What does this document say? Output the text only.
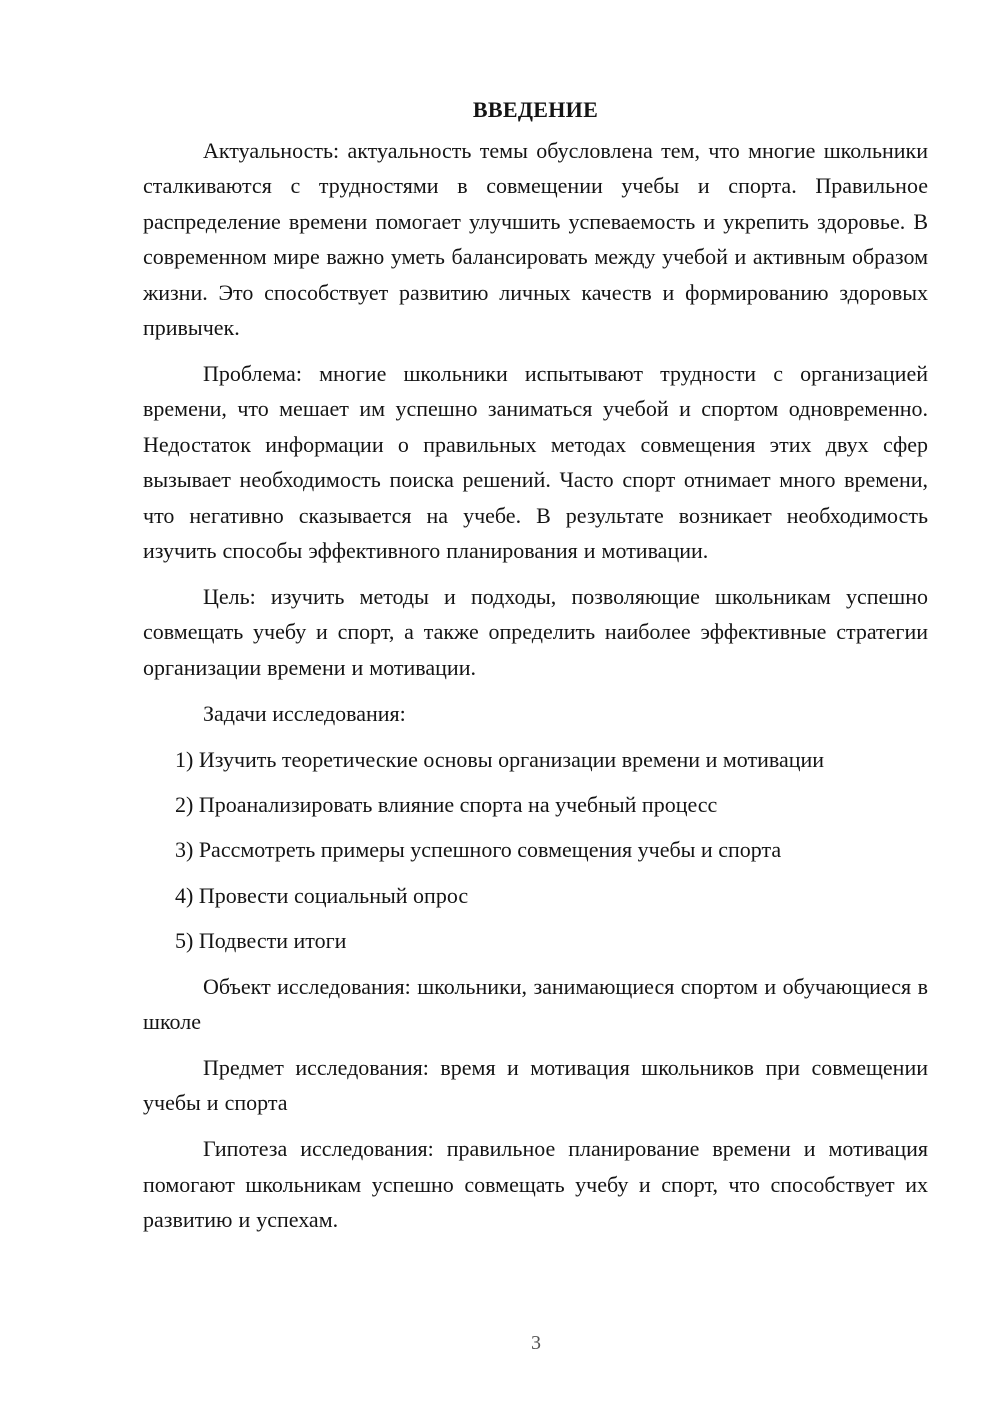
ВВЕДЕНИЕ

Актуальность: актуальность темы обусловлена тем, что многие школьники сталкиваются с трудностями в совмещении учебы и спорта. Правильное распределение времени помогает улучшить успеваемость и укрепить здоровье. В современном мире важно уметь балансировать между учебой и активным образом жизни. Это способствует развитию личных качеств и формированию здоровых привычек.

Проблема: многие школьники испытывают трудности с организацией времени, что мешает им успешно заниматься учебой и спортом одновременно. Недостаток информации о правильных методах совмещения этих двух сфер вызывает необходимость поиска решений. Часто спорт отнимает много времени, что негативно сказывается на учебе. В результате возникает необходимость изучить способы эффективного планирования и мотивации.

Цель: изучить методы и подходы, позволяющие школьникам успешно совмещать учебу и спорт, а также определить наиболее эффективные стратегии организации времени и мотивации.

Задачи исследования:

1) Изучить теоретические основы организации времени и мотивации
2) Проанализировать влияние спорта на учебный процесс
3) Рассмотреть примеры успешного совмещения учебы и спорта
4) Провести социальный опрос
5) Подвести итоги

Объект исследования: школьники, занимающиеся спортом и обучающиеся в школе

Предмет исследования: время и мотивация школьников при совмещении учебы и спорта

Гипотеза исследования: правильное планирование времени и мотивация помогают школьникам успешно совмещать учебу и спорт, что способствует их развитию и успехам.

3
